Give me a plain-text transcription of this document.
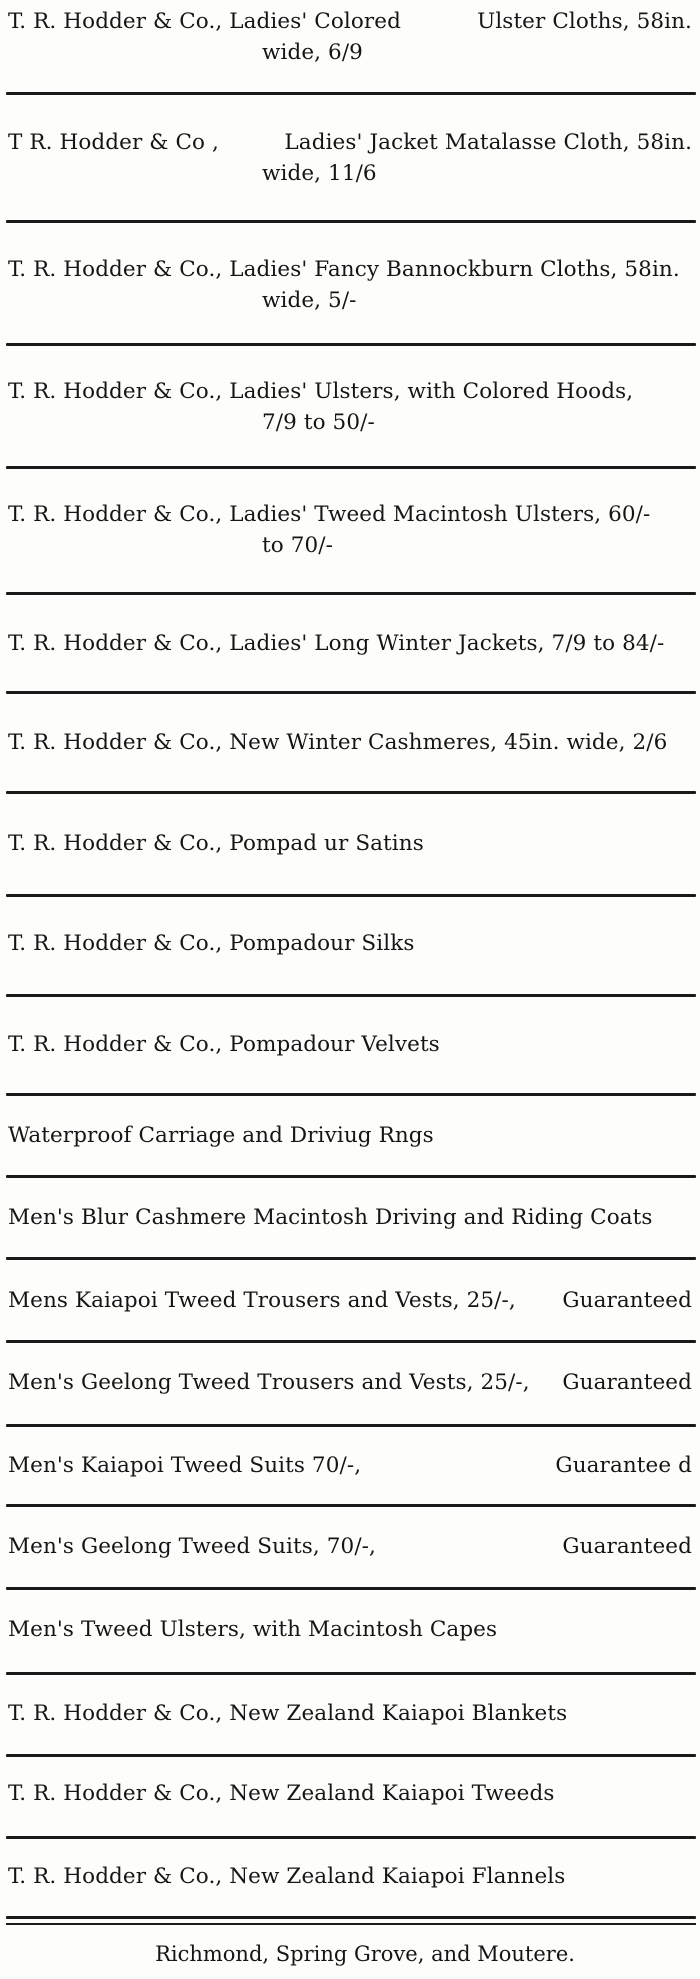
T. R. Hodder & Co., Ladies' Colored	Ulster Cloths, 58in.
wide, 6/9
T R. Hodder & Co ,	Ladies' Jacket Matalasse Cloth, 58in.
wide, 11/6
T. R. Hodder & Co., Ladies' Fancy Bannockburn Cloths, 58in.
wide, 5/-
T. R. Hodder & Co., Ladies' Ulsters, with Colored Hoods,
7/9 to 50/-
T. R. Hodder & Co., Ladies' Tweed Macintosh Ulsters, 60/-
to 70/-
T. R. Hodder & Co., Ladies' Long Winter Jackets, 7/9 to 84/-
T. R. Hodder & Co., New Winter Cashmeres, 45in. wide, 2/6
T. R. Hodder & Co., Pompad ur Satins
T. R. Hodder & Co., Pompadour Silks
T. R. Hodder & Co., Pompadour Velvets
Waterproof Carriage and Driviug Rngs
Men's Blur Cashmere Macintosh Driving and Riding Coats
Mens Kaiapoi Tweed Trousers and Vests, 25/-, Guaranteed
Men's Geelong Tweed Trousers and Vests, 25/-, Guaranteed
Men's Kaiapoi Tweed Suits 70/-,	Guarantee d
Men's Geelong Tweed Suits, 70/-,	Guaranteed
Men's Tweed Ulsters, with Macintosh Capes
T. R. Hodder & Co., New Zealand Kaiapoi Blankets
T. R. Hodder & Co., New Zealand Kaiapoi Tweeds
T. R. Hodder & Co., New Zealand Kaiapoi Flannels
Richmond, Spring Grove, and Moutere.
